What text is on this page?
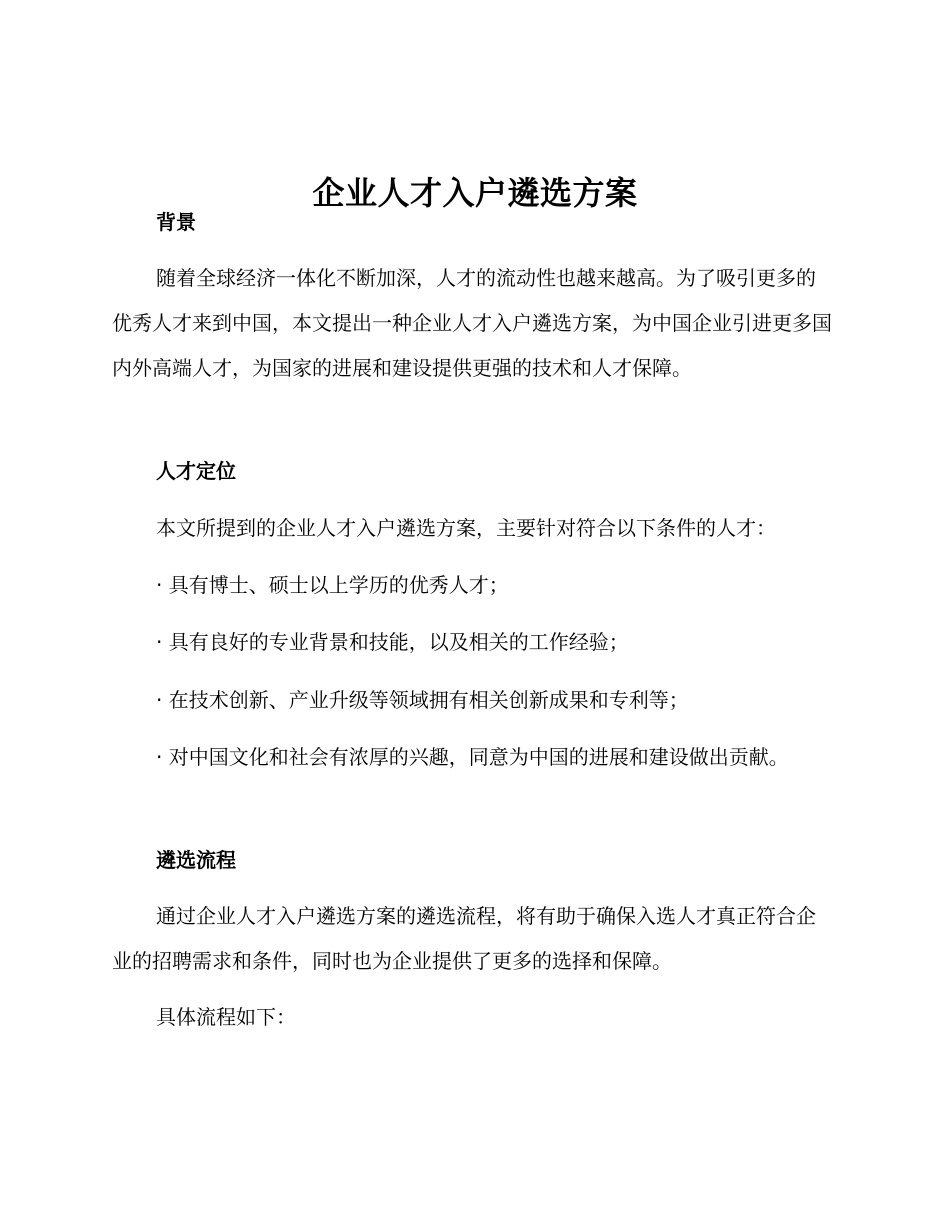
企业人才入户遴选方案
背景

随着全球经济一体化不断加深，人才的流动性也越来越高。为了吸引更多的优秀人才来到中国，本文提出一种企业人才入户遴选方案，为中国企业引进更多国内外高端人才，为国家的进展和建设提供更强的技术和人才保障。

人才定位

本文所提到的企业人才入户遴选方案，主要针对符合以下条件的人才：

· 具有博士、硕士以上学历的优秀人才；

· 具有良好的专业背景和技能，以及相关的工作经验；

· 在技术创新、产业升级等领域拥有相关创新成果和专利等；

· 对中国文化和社会有浓厚的兴趣，同意为中国的进展和建设做出贡献。

遴选流程

通过企业人才入户遴选方案的遴选流程，将有助于确保入选人才真正符合企业的招聘需求和条件，同时也为企业提供了更多的选择和保障。

具体流程如下：
